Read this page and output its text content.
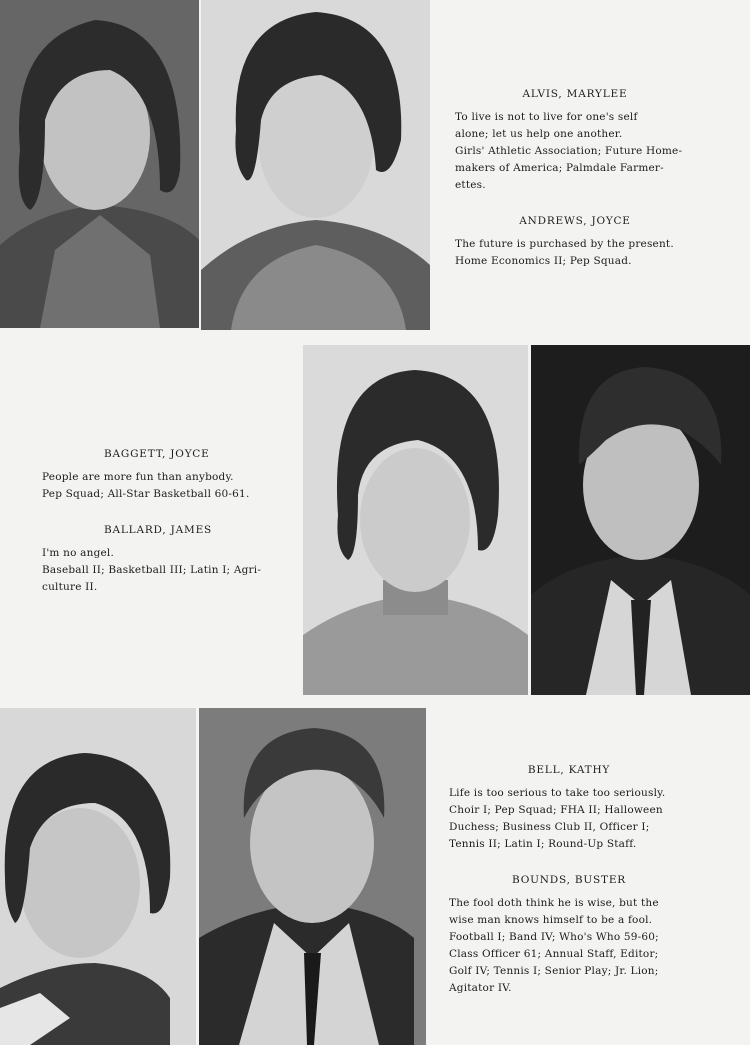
ALVIS, MARYLEE
To live is not to live for one's self
alone; let us help one another.
Girls' Athletic Association; Future Home-
makers of America; Palmdale Farmer-
ettes.
ANDREWS, JOYCE
The future is purchased by the present.
Home Economics II; Pep Squad.
BAGGETT, JOYCE
People are more fun than anybody.
Pep Squad; All-Star Basketball 60-61.
BALLARD, JAMES
I'm no angel.
Baseball II; Basketball III; Latin I; Agri-
culture II.
BELL, KATHY
Life is too serious to take too seriously.
Choir I; Pep Squad; FHA II; Halloween
Duchess; Business Club II, Officer I;
Tennis II; Latin I; Round-Up Staff.
BOUNDS, BUSTER
The fool doth think he is wise, but the
wise man knows himself to be a fool.
Football I; Band IV; Who's Who 59-60;
Class Officer 61; Annual Staff, Editor;
Golf IV; Tennis I; Senior Play; Jr. Lion;
Agitator IV.
